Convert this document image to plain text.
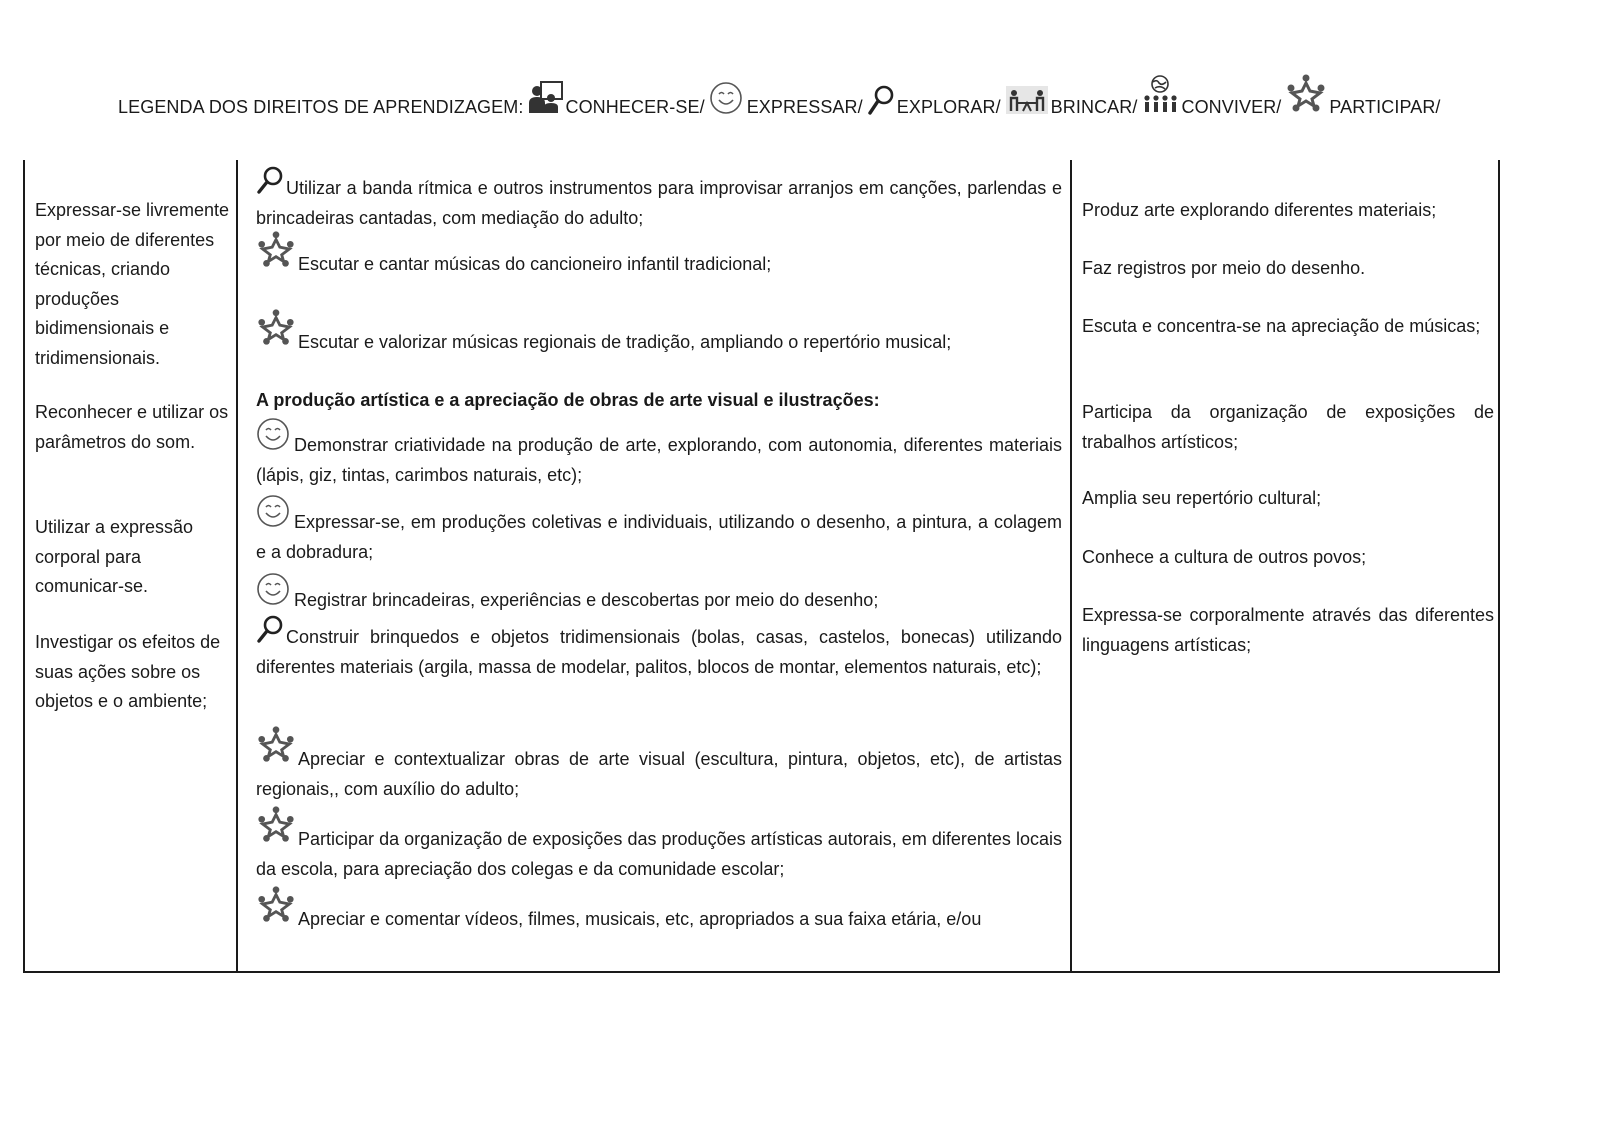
LEGENDA DOS DIREITOS DE APRENDIZAGEM: CONHECER-SE/ EXPRESSAR/ EXPLORAR/	BRINCAR/ CONVIVER/	PARTICIPAR/
Expressar-se livremente por meio de diferentes técnicas, criando produções bidimensionais e tridimensionais.
Reconhecer e utilizar os parâmetros do som.
Utilizar a expressão corporal para comunicar-se.
Investigar os efeitos de suas ações sobre os objetos e o ambiente;
Utilizar a banda rítmica e outros instrumentos para improvisar arranjos em canções, parlendas e brincadeiras cantadas, com mediação do adulto;
Escutar e cantar músicas do cancioneiro infantil tradicional;
Escutar e valorizar músicas regionais de tradição, ampliando o repertório musical;
A produção artística e a apreciação de obras de arte visual e ilustrações:
Demonstrar criatividade na produção de arte, explorando, com autonomia, diferentes materiais (lápis, giz, tintas, carimbos naturais, etc);
Expressar-se, em produções coletivas e individuais, utilizando o desenho, a pintura, a colagem e a dobradura;
Registrar brincadeiras, experiências e descobertas por meio do desenho;
Construir brinquedos e objetos tridimensionais (bolas, casas, castelos, bonecas) utilizando diferentes materiais (argila, massa de modelar, palitos, blocos de montar, elementos naturais, etc);
Apreciar e contextualizar obras de arte visual (escultura, pintura, objetos, etc), de artistas regionais,, com auxílio do adulto;
Participar da organização de exposições das produções artísticas autorais, em diferentes locais da escola, para apreciação dos colegas e da comunidade escolar;
Apreciar e comentar vídeos, filmes, musicais, etc, apropriados a sua faixa etária, e/ou
Produz arte explorando diferentes materiais;
Faz registros por meio do desenho.
Escuta e concentra-se na apreciação de músicas;
Participa da organização de exposições de trabalhos artísticos;
Amplia seu repertório cultural;
Conhece a cultura de outros povos;
Expressa-se corporalmente através das diferentes linguagens artísticas;
